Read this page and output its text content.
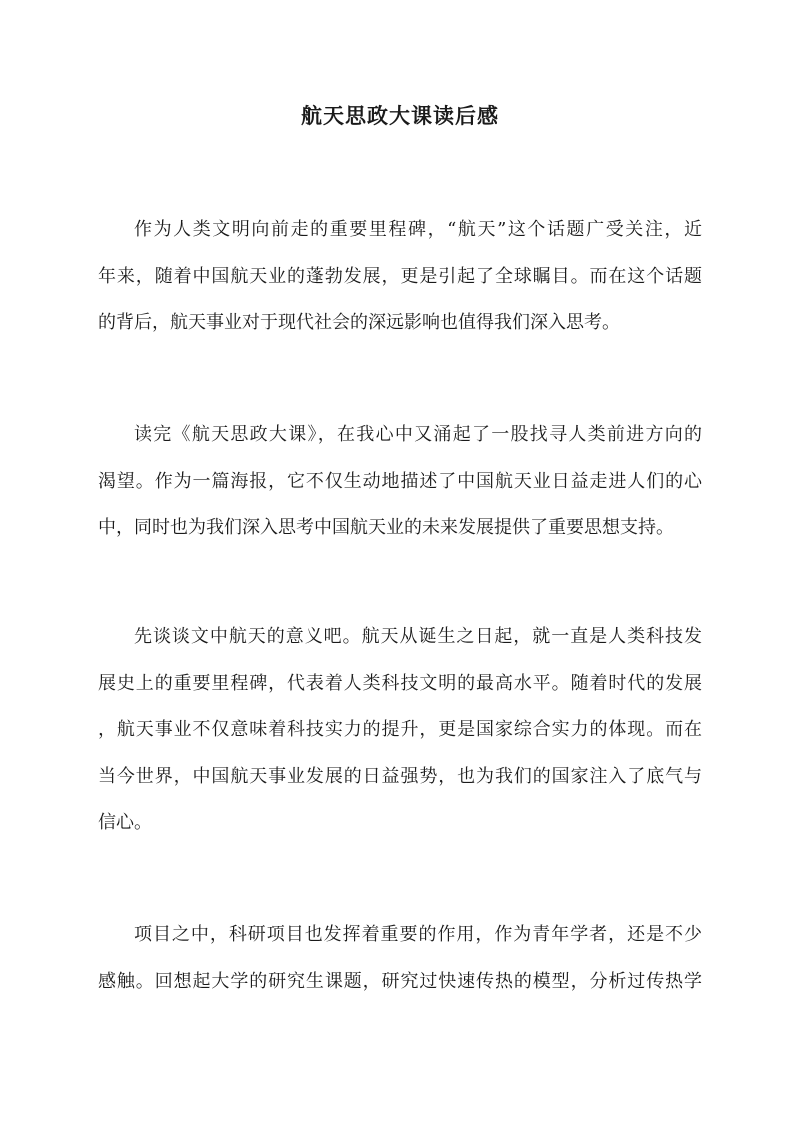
航天思政大课读后感
作为人类文明向前走的重要里程碑，“航天”这个话题广受关注，近
年来，随着中国航天业的蓬勃发展，更是引起了全球瞩目。而在这个话题
的背后，航天事业对于现代社会的深远影响也值得我们深入思考。
读完《航天思政大课》，在我心中又涌起了一股找寻人类前进方向的
渴望。作为一篇海报，它不仅生动地描述了中国航天业日益走进人们的心
中，同时也为我们深入思考中国航天业的未来发展提供了重要思想支持。
先谈谈文中航天的意义吧。航天从诞生之日起，就一直是人类科技发
展史上的重要里程碑，代表着人类科技文明的最高水平。随着时代的发展
，航天事业不仅意味着科技实力的提升，更是国家综合实力的体现。而在
当今世界，中国航天事业发展的日益强势，也为我们的国家注入了底气与
信心。
项目之中，科研项目也发挥着重要的作用，作为青年学者，还是不少
感触。回想起大学的研究生课题，研究过快速传热的模型，分析过传热学
